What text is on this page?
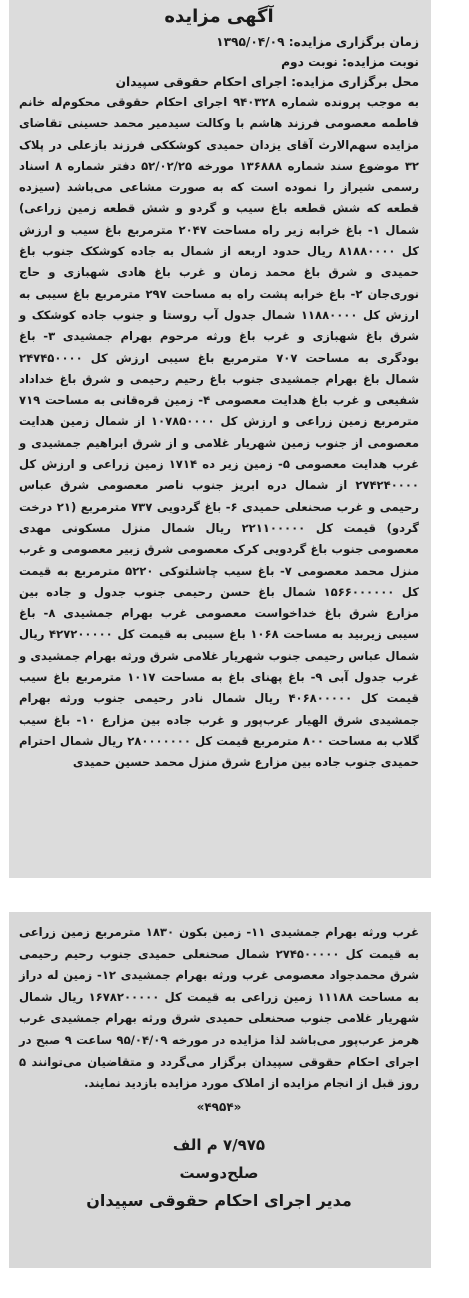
آگهی مزایده

زمان برگزاری مزایده: ۱۳۹۵/۰۴/۰۹

نوبت مزایده: نوبت دوم

محل برگزاری مزایده: اجرای احکام حقوقی سپیدان

به موجب پرونده شماره ۹۴۰۳۲۸ اجرای احکام حقوقی محکوم‌له خانم فاطمه معصومی فرزند هاشم با وکالت سیدمیر محمد حسینی تقاضای مزایده سهم‌الارث آقای یزدان حمیدی کوشککی فرزند بازعلی در پلاک ۳۲ موضوع سند شماره ۱۳۶۸۸۸ مورخه ۵۲/۰۲/۲۵ دفتر شماره ۸ اسناد رسمی شیراز را نموده است که به صورت مشاعی می‌باشد (سیزده قطعه که شش قطعه باغ سیب و گردو و شش قطعه زمین زراعی) شمال ۱- باغ خرابه زیر راه مساحت ۲۰۴۷ مترمربع باغ سیب و ارزش کل ۸۱۸۸۰۰۰۰ ریال حدود اربعه از شمال به جاده کوشکک جنوب باغ حمیدی و شرق باغ محمد زمان و غرب باغ هادی شهبازی و حاج نوری‌جان ۲- باغ خرابه پشت راه به مساحت ۲۹۷ مترمربع باغ سیبی به ارزش کل ۱۱۸۸۰۰۰۰ شمال جدول آب روستا و جنوب جاده کوشکک و شرق باغ شهبازی و غرب باغ ورثه مرحوم بهرام جمشیدی ۳- باغ بودگری به مساحت ۷۰۷ مترمربع باغ سیبی ارزش کل ۲۴۷۴۵۰۰۰۰ شمال باغ بهرام جمشیدی جنوب باغ رحیم رحیمی و شرق باغ خداداد شفیعی و غرب باغ هدایت معصومی ۴- زمین قره‌قانی به مساحت ۷۱۹ مترمربع زمین زراعی و ارزش کل ۱۰۷۸۵۰۰۰۰ از شمال زمین هدایت معصومی از جنوب زمین شهریار غلامی و از شرق ابراهیم جمشیدی و غرب هدایت معصومی ۵- زمین زیر ده ۱۷۱۴ زمین زراعی و ارزش کل ۲۷۴۲۴۰۰۰۰ از شمال دره ابریز جنوب ناصر معصومی شرق عباس رحیمی و غرب صحنعلی حمیدی ۶- باغ گردویی ۷۳۷ مترمربع (۲۱ درخت گردو) قیمت کل ۲۲۱۱۰۰۰۰۰ ریال شمال منزل مسکونی مهدی معصومی جنوب باغ گردویی کرک معصومی شرق زبیر معصومی و غرب منزل محمد معصومی ۷- باغ سیب چاشلتوکی ۵۲۲۰ مترمربع به قیمت کل ۱۵۶۶۰۰۰۰۰۰ شمال باغ حسن رحیمی جنوب جدول و جاده بین مزارع شرق باغ خداخواست معصومی غرب بهرام جمشیدی ۸- باغ سیبی زیربید به مساحت ۱۰۶۸ باغ سیبی به قیمت کل ۴۲۷۲۰۰۰۰۰ ریال شمال عباس رحیمی جنوب شهریار غلامی شرق ورثه بهرام جمشیدی و غرب جدول آبی ۹- باغ پهنای باغ به مساحت ۱۰۱۷ مترمربع باغ سیب قیمت کل ۴۰۶۸۰۰۰۰۰ ریال شمال نادر رحیمی جنوب ورثه بهرام جمشیدی شرق الهیار عرب‌پور و غرب جاده بین مزارع ۱۰- باغ سیب گلاب به مساحت ۸۰۰ مترمربع قیمت کل ۲۸۰۰۰۰۰۰۰ ریال شمال احترام حمیدی جنوب جاده بین مزارع شرق منزل محمد حسین حمیدی

غرب ورثه بهرام جمشیدی ۱۱- زمین بکون ۱۸۳۰ مترمربع زمین زراعی به قیمت کل ۲۷۴۵۰۰۰۰۰ شمال صحنعلی حمیدی جنوب رحیم رحیمی شرق محمدجواد معصومی غرب ورثه بهرام جمشیدی ۱۲- زمین له دراز به مساحت ۱۱۱۸۸ زمین زراعی به قیمت کل ۱۶۷۸۲۰۰۰۰۰ ریال شمال شهریار غلامی جنوب صحنعلی حمیدی شرق ورثه بهرام جمشیدی غرب هرمز عرب‌پور می‌باشد لذا مزایده در مورخه ۹۵/۰۴/۰۹ ساعت ۹ صبح در اجرای احکام حقوقی سپیدان برگزار می‌گردد و متقاضیان می‌توانند ۵ روز قبل از انجام مزایده از املاک مورد مزایده بازدید نمایند.

«۴۹۵۴»

۷/۹۷۵ م الف

صلح‌دوست

مدیر اجرای احکام حقوقی سپیدان
